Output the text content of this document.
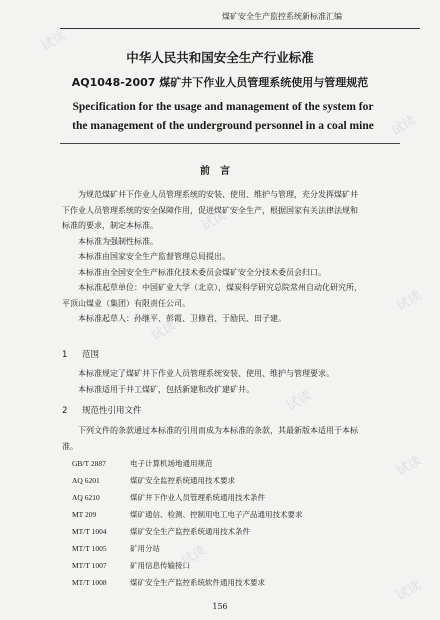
煤矿安全生产监控系统新标准汇编
中华人民共和国安全生产行业标准
AQ1048-2007 煤矿井下作业人员管理系统使用与管理规范
Specification for the usage and management of the system for
the management of the underground personnel in a coal mine
前言
为规范煤矿井下作业人员管理系统的安装、使用、维护与管理，充分发挥煤矿井
下作业人员管理系统的安全保障作用，促进煤矿安全生产，根据国家有关法律法规和
标准的要求，制定本标准。
本标准为强制性标准。
本标准由国家安全生产监督管理总局提出。
本标准由全国安全生产标准化技术委员会煤矿安全分技术委员会归口。
本标准起草单位：中国矿业大学（北京），煤炭科学研究总院常州自动化研究所，
平顶山煤业（集团）有限责任公司。
本标准起草人：孙继平、彭霞、卫修君、于励民、田子建。
1 范围
本标准规定了煤矿井下作业人员管理系统安装、使用、维护与管理要求。
本标准适用于井工煤矿，包括新建和改扩建矿井。
2 规范性引用文件
下列文件的条款通过本标准的引用而成为本标准的条款，其最新版本适用于本标
准。
GB/T 2887	电子计算机场地通用规范
AQ 6201	煤矿安全监控系统通用技术要求
AQ 6210	煤矿井下作业人员管理系统通用技术条件
MT 209	煤矿通信、检测、控制用电工电子产品通用技术要求
MT/T 1004	煤矿安全生产监控系统通用技术条件
MT/T 1005	矿用分站
MT/T 1007	矿用信息传输接口
MT/T 1008	煤矿安全生产监控系统软件通用技术要求
156
试读
试读
试读
试读
试读
试读
试读
试读
试读
